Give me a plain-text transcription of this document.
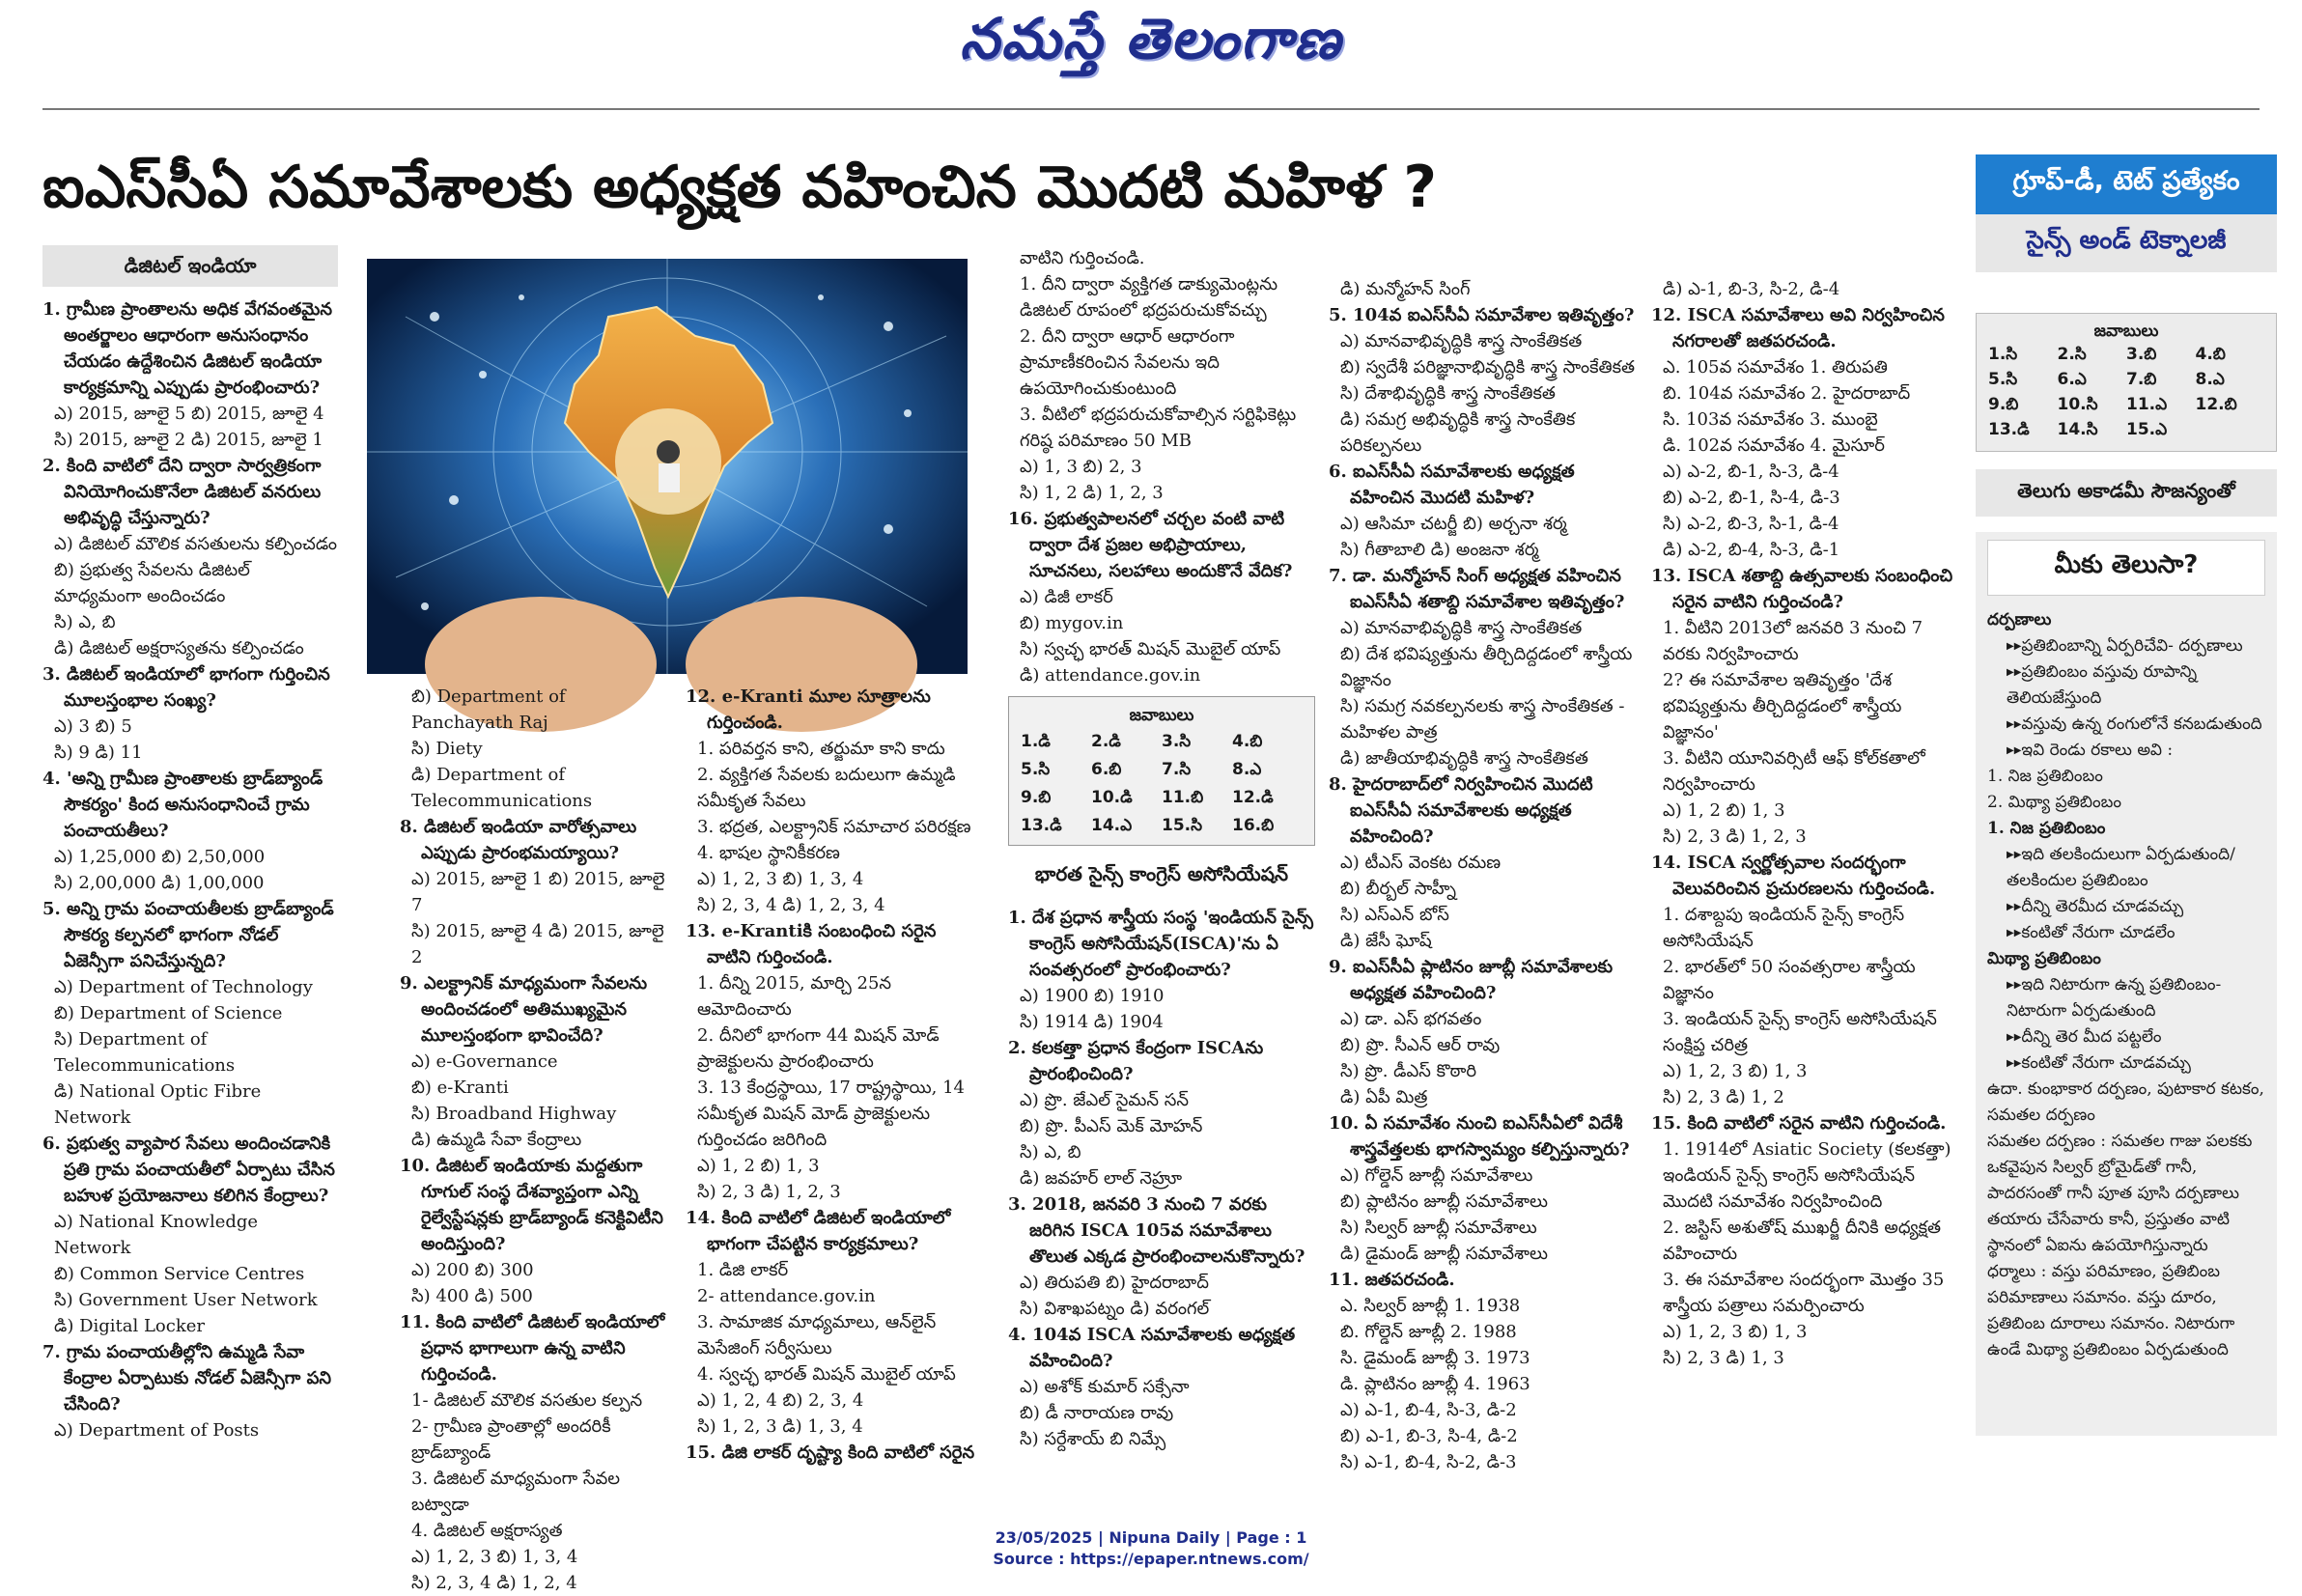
నమస్తే తెలంగాణ
ఐఎస్‌సీఏ సమావేశాలకు అధ్యక్షత వహించిన మొదటి మహిళ ?
డిజిటల్ ఇండియా

1. గ్రామీణ ప్రాంతాలను అధిక వేగవంతమైన అంతర్జాలం ఆధారంగా అనుసంధానం చేయడం ఉద్దేశించిన డిజిటల్ ఇండియా కార్యక్రమాన్ని ఎప్పుడు ప్రారంభించారు?

ఎ) 2015, జూలై 5 బి) 2015, జూలై 4

సి) 2015, జూలై 2 డి) 2015, జూలై 1

2. కింది వాటిలో దేని ద్వారా సార్వత్రికంగా వినియోగించుకొనేలా డిజిటల్ వనరులు అభివృద్ధి చేస్తున్నారు?

ఎ) డిజిటల్ మౌలిక వసతులను కల్పించడం

బి) ప్రభుత్వ సేవలను డిజిటల్ మాధ్యమంగా అందించడం

సి) ఎ, బి

డి) డిజిటల్ అక్షరాస్యతను కల్పించడం

3. డిజిటల్ ఇండియాలో భాగంగా గుర్తించిన మూలస్తంభాల సంఖ్య?

ఎ) 3 బి) 5

సి) 9 డి) 11

4. 'అన్ని గ్రామీణ ప్రాంతాలకు బ్రాడ్‌బ్యాండ్ సౌకర్యం' కింద అనుసంధానించే గ్రామ పంచాయతీలు?

ఎ) 1,25,000 బి) 2,50,000

సి) 2,00,000 డి) 1,00,000

5. అన్ని గ్రామ పంచాయతీలకు బ్రాడ్‌బ్యాండ్ సౌకర్య కల్పనలో భాగంగా నోడల్ ఏజెన్సీగా పనిచేస్తున్నది?

ఎ) Department of Technology

బి) Department of Science

సి) Department of Telecommunications

డి) National Optic Fibre Network

6. ప్రభుత్వ వ్యాపార సేవలు అందించడానికి ప్రతి గ్రామ పంచాయతీలో ఏర్పాటు చేసిన బహుళ ప్రయోజనాలు కలిగిన కేంద్రాలు?

ఎ) National Knowledge Network

బి) Common Service Centres

సి) Government User Network

డి) Digital Locker

7. గ్రామ పంచాయతీల్లోని ఉమ్మడి సేవా కేంద్రాల ఏర్పాటుకు నోడల్ ఏజెన్సీగా పని చేసింది?

ఎ) Department of Posts

బి) Department of Panchayath Raj

సి) Diety

డి) Department of Telecommunications

8. డిజిటల్ ఇండియా వారోత్సవాలు ఎప్పుడు ప్రారంభమయ్యాయి?

ఎ) 2015, జూలై 1 బి) 2015, జూలై 7

సి) 2015, జూలై 4 డి) 2015, జూలై 2

9. ఎలక్ట్రానిక్ మాధ్యమంగా సేవలను అందించడంలో అతిముఖ్యమైన మూలస్తంభంగా భావించేది?

ఎ) e-Governance

బి) e-Kranti

సి) Broadband Highway

డి) ఉమ్మడి సేవా కేంద్రాలు

10. డిజిటల్ ఇండియాకు మద్దతుగా గూగుల్ సంస్థ దేశవ్యాప్తంగా ఎన్ని రైల్వేస్టేషన్లకు బ్రాడ్‌బ్యాండ్ కనెక్టివిటీని అందిస్తుంది?

ఎ) 200 బి) 300

సి) 400 డి) 500

11. కింది వాటిలో డిజిటల్ ఇండియాలో ప్రధాన భాగాలుగా ఉన్న వాటిని గుర్తించండి.

1- డిజిటల్ మౌలిక వసతుల కల్పన

2- గ్రామీణ ప్రాంతాల్లో అందరికీ బ్రాడ్‌బ్యాండ్

3. డిజిటల్ మాధ్యమంగా సేవల బట్వాడా

4. డిజిటల్ అక్షరాస్యత

ఎ) 1, 2, 3 బి) 1, 3, 4

సి) 2, 3, 4 డి) 1, 2, 4

12. e-Kranti మూల సూత్రాలను గుర్తించండి.

1. పరివర్తన కాని, తర్జుమా కాని కాదు

2. వ్యక్తిగత సేవలకు బదులుగా ఉమ్మడి సమీకృత సేవలు

3. భద్రత, ఎలక్ట్రానిక్ సమాచార పరిరక్షణ

4. భాషల స్థానికీకరణ

ఎ) 1, 2, 3 బి) 1, 3, 4

సి) 2, 3, 4 డి) 1, 2, 3, 4

13. e-Krantiకి సంబంధించి సరైన వాటిని గుర్తించండి.

1. దీన్ని 2015, మార్చి 25న ఆమోదించారు

2. దీనిలో భాగంగా 44 మిషన్ మోడ్ ప్రాజెక్టులను ప్రారంభించారు

3. 13 కేంద్రస్థాయి, 17 రాష్ట్రస్థాయి, 14 సమీకృత మిషన్ మోడ్ ప్రాజెక్టులను గుర్తించడం జరిగింది

ఎ) 1, 2 బి) 1, 3

సి) 2, 3 డి) 1, 2, 3

14. కింది వాటిలో డిజిటల్ ఇండియాలో భాగంగా చేపట్టిన కార్యక్రమాలు?

1. డిజి లాకర్

2- attendance.gov.in

3. సామాజిక మాధ్యమాలు, ఆన్‌లైన్ మెసేజింగ్ సర్వీసులు

4. స్వచ్ఛ భారత్ మిషన్ మొబైల్ యాప్

ఎ) 1, 2, 4 బి) 2, 3, 4

సి) 1, 2, 3 డి) 1, 3, 4

15. డిజి లాకర్ దృష్ట్యా కింది వాటిలో సరైన

వాటిని గుర్తించండి.

1. దీని ద్వారా వ్యక్తిగత డాక్యుమెంట్లను డిజిటల్ రూపంలో భద్రపరుచుకోవచ్చు

2. దీని ద్వారా ఆధార్ ఆధారంగా ప్రామాణీకరించిన సేవలను ఇది ఉపయోగించుకుంటుంది

3. వీటిలో భద్రపరుచుకోవాల్సిన సర్టిఫికెట్లు గరిష్ఠ పరిమాణం 50 MB

ఎ) 1, 3 బి) 2, 3

సి) 1, 2 డి) 1, 2, 3

16. ప్రభుత్వపాలనలో చర్చల వంటి వాటి ద్వారా దేశ ప్రజల అభిప్రాయాలు, సూచనలు, సలహాలు అందుకొనే వేదిక?

ఎ) డిజీ లాకర్

బి) mygov.in

సి) స్వచ్ఛ భారత్ మిషన్ మొబైల్ యాప్

డి) attendance.gov.in

జవాబులు
1.డి	2.డి	3.సి	4.బి
5.సి	6.బి	7.సి	8.ఎ
9.బి	10.డి	11.బి	12.డి
13.డి	14.ఎ	15.సి	16.బి
భారత సైన్స్ కాంగ్రెస్ అసోసియేషన్

1. దేశ ప్రధాన శాస్త్రీయ సంస్థ 'ఇండియన్ సైన్స్ కాంగ్రెస్ అసోసియేషన్(ISCA)'ను ఏ సంవత్సరంలో ప్రారంభించారు?

ఎ) 1900 బి) 1910

సి) 1914 డి) 1904

2. కలకత్తా ప్రధాన కేంద్రంగా ISCAను ప్రారంభించింది?

ఎ) ప్రొ. జేఎల్ సైమన్ సన్

బి) ప్రొ. పీఎస్ మెక్ మోహన్

సి) ఎ, బి

డి) జవహర్ లాల్ నెహ్రూ

3. 2018, జనవరి 3 నుంచి 7 వరకు జరిగిన ISCA 105వ సమావేశాలు తొలుత ఎక్కడ ప్రారంభించాలనుకొన్నారు?

ఎ) తిరుపతి బి) హైదరాబాద్

సి) విశాఖపట్నం డి) వరంగల్

4. 104వ ISCA సమావేశాలకు అధ్యక్షత వహించింది?

ఎ) అశోక్ కుమార్ సక్సేనా

బి) డీ నారాయణ రావు

సి) సర్దేశాయ్ బి నిమ్సే

డి) మన్మోహన్ సింగ్

5. 104వ ఐఎస్‌సీఏ సమావేశాల ఇతివృత్తం?

ఎ) మానవాభివృద్ధికి శాస్త్ర సాంకేతికత

బి) స్వదేశీ పరిజ్ఞానాభివృద్ధికి శాస్త్ర సాంకేతికత

సి) దేశాభివృద్ధికి శాస్త్ర సాంకేతికత

డి) సమగ్ర అభివృద్ధికి శాస్త్ర సాంకేతిక పరికల్పనలు

6. ఐఎస్‌సీఏ సమావేశాలకు అధ్యక్షత వహించిన మొదటి మహిళ?

ఎ) ఆసిమా చటర్జీ బి) అర్చనా శర్మ

సి) గీతాబాలి డి) అంజనా శర్మ

7. డా. మన్మోహన్ సింగ్ అధ్యక్షత వహించిన ఐఎస్‌సీఏ శతాబ్ది సమావేశాల ఇతివృత్తం?

ఎ) మానవాభివృద్ధికి శాస్త్ర సాంకేతికత

బి) దేశ భవిష్యత్తును తీర్చిదిద్దడంలో శాస్త్రీయ విజ్ఞానం

సి) సమగ్ర నవకల్పనలకు శాస్త్ర సాంకేతికత - మహిళల పాత్ర

డి) జాతీయాభివృద్ధికి శాస్త్ర సాంకేతికత

8. హైదరాబాద్‌లో నిర్వహించిన మొదటి ఐఎస్‌సీఏ సమావేశాలకు అధ్యక్షత వహించింది?

ఎ) టీఎస్ వెంకట రమణ

బి) బీర్బల్ సాహ్నీ

సి) ఎస్ఎన్ బోస్

డి) జేసీ ఘోష్

9. ఐఎస్‌సీఏ ప్లాటినం జూబ్లీ సమావేశాలకు అధ్యక్షత వహించింది?

ఎ) డా. ఎస్ భగవతం

బి) ప్రొ. సీఎన్ ఆర్ రావు

సి) ప్రొ. డీఎస్ కొఠారి

డి) ఏపీ మిత్ర

10. ఏ సమావేశం నుంచి ఐఎస్‌సీఏలో విదేశీ శాస్త్రవేత్తలకు భాగస్వామ్యం కల్పిస్తున్నారు?

ఎ) గోల్డెన్ జూబ్లీ సమావేశాలు

బి) ప్లాటినం జూబ్లీ సమావేశాలు

సి) సిల్వర్ జూబ్లీ సమావేశాలు

డి) డైమండ్ జూబ్లీ సమావేశాలు

11. జతపరచండి.

ఎ. సిల్వర్ జూబ్లీ 1. 1938

బి. గోల్డెన్ జూబ్లీ 2. 1988

సి. డైమండ్ జూబ్లీ 3. 1973

డి. ప్లాటినం జూబ్లీ 4. 1963

ఎ) ఎ-1, బి-4, సి-3, డి-2

బి) ఎ-1, బి-3, సి-4, డి-2

సి) ఎ-1, బి-4, సి-2, డి-3

డి) ఎ-1, బి-3, సి-2, డి-4

12. ISCA సమావేశాలు అవి నిర్వహించిన నగరాలతో జతపరచండి.

ఎ. 105వ సమావేశం 1. తిరుపతి

బి. 104వ సమావేశం 2. హైదరాబాద్

సి. 103వ సమావేశం 3. ముంబై

డి. 102వ సమావేశం 4. మైసూర్

ఎ) ఎ-2, బి-1, సి-3, డి-4

బి) ఎ-2, బి-1, సి-4, డి-3

సి) ఎ-2, బి-3, సి-1, డి-4

డి) ఎ-2, బి-4, సి-3, డి-1

13. ISCA శతాబ్ది ఉత్సవాలకు సంబంధించి సరైన వాటిని గుర్తించండి?

1. వీటిని 2013లో జనవరి 3 నుంచి 7 వరకు నిర్వహించారు

2? ఈ సమావేశాల ఇతివృత్తం 'దేశ భవిష్యత్తును తీర్చిదిద్దడంలో శాస్త్రీయ విజ్ఞానం'

3. వీటిని యూనివర్సిటీ ఆఫ్ కోల్‌కతాలో నిర్వహించారు

ఎ) 1, 2 బి) 1, 3

సి) 2, 3 డి) 1, 2, 3

14. ISCA స్వర్ణోత్సవాల సందర్భంగా వెలువరించిన ప్రచురణలను గుర్తించండి.

1. దశాబ్దపు ఇండియన్ సైన్స్ కాంగ్రెస్ అసోసియేషన్

2. భారత్‌లో 50 సంవత్సరాల శాస్త్రీయ విజ్ఞానం

3. ఇండియన్ సైన్స్ కాంగ్రెస్ అసోసియేషన్ సంక్షిప్త చరిత్ర

ఎ) 1, 2, 3 బి) 1, 3

సి) 2, 3 డి) 1, 2

15. కింది వాటిలో సరైన వాటిని గుర్తించండి.

1. 1914లో Asiatic Society (కలకత్తా) ఇండియన్ సైన్స్ కాంగ్రెస్ అసోసియేషన్ మొదటి సమావేశం నిర్వహించింది

2. జస్టిస్ అశుతోష్ ముఖర్జీ దీనికి అధ్యక్షత వహించారు

3. ఈ సమావేశాల సందర్భంగా మొత్తం 35 శాస్త్రీయ పత్రాలు సమర్పించారు

ఎ) 1, 2, 3 బి) 1, 3

సి) 2, 3 డి) 1, 3

గ్రూప్-డీ, టెట్ ప్రత్యేకం
సైన్స్ అండ్ టెక్నాలజీ
జవాబులు
1.సి	2.సి	3.బి	4.బి
5.సి	6.ఎ	7.బి	8.ఎ
9.బి	10.సి	11.ఎ	12.బి
13.డి	14.సి	15.ఎ
తెలుగు అకాడమీ సౌజన్యంతో
మీకు తెలుసా?

దర్పణాలు

▶▶ ప్రతిబింబాన్ని ఏర్పరిచేవి- దర్పణాలు

▶▶ ప్రతిబింబం వస్తువు రూపాన్ని తెలియజేస్తుంది

▶▶ వస్తువు ఉన్న రంగులోనే కనబడుతుంది

▶▶ ఇవి రెండు రకాలు అవి :

1. నిజ ప్రతిబింబం

2. మిథ్యా ప్రతిబింబం

1. నిజ ప్రతిబింబం

▶▶ ఇది తలకిందులుగా ఏర్పడుతుంది/తలకిందుల ప్రతిబింబం

▶▶ దీన్ని తెరమీద చూడవచ్చు

▶▶ కంటితో నేరుగా చూడలేం

మిథ్యా ప్రతిబింబం

▶▶ ఇది నిటారుగా ఉన్న ప్రతిబింబం- నిటారుగా ఏర్పడుతుంది

▶▶ దీన్ని తెర మీద పట్టలేం

▶▶ కంటితో నేరుగా చూడవచ్చు

ఉదా. కుంభాకార దర్పణం, పుటాకార కటకం, సమతల దర్పణం

సమతల దర్పణం : సమతల గాజు పలకకు ఒకవైపున సిల్వర్ బ్రోమైడ్‌తో గానీ, పాదరసంతో గానీ పూత పూసి దర్పణాలు తయారు చేసేవారు కానీ, ప్రస్తుతం వాటి స్థానంలో ఏఐను ఉపయోగిస్తున్నారు

ధర్మాలు : వస్తు పరిమాణం, ప్రతిబింబ పరిమాణాలు సమానం. వస్తు దూరం, ప్రతిబింబ దూరాలు సమానం. నిటారుగా ఉండే మిథ్యా ప్రతిబింబం ఏర్పడుతుంది

23/05/2025 | Nipuna Daily | Page : 1
Source : https://epaper.ntnews.com/
